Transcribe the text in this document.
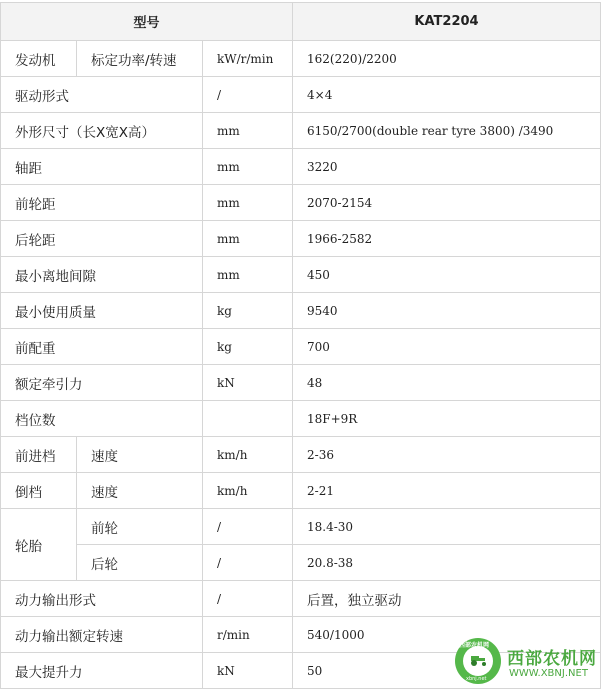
型号			KAT2204
发动机	标定功率/转速	kW/r/min	162(220)/2200
驱动形式		/	4×4
外形尺寸（长X宽X高）		mm	6150/2700(double rear tyre 3800) /3490
轴距		mm	3220
前轮距		mm	2070-2154
后轮距		mm	1966-2582
最小离地间隙		mm	450
最小使用质量		kg	9540
前配重		kg	700
额定牵引力		kN	48
档位数			18F+9R
前进档	速度	km/h	2-36
倒档	速度	km/h	2-21
轮胎	前轮	/	18.4-30
	后轮	/	20.8-38
动力输出形式		/	后置，独立驱动
动力输出额定转速		r/min	540/1000
最大提升力		kN	50
西部农机网
xbnj.net
西部农机网
WWW.XBNJ.NET
